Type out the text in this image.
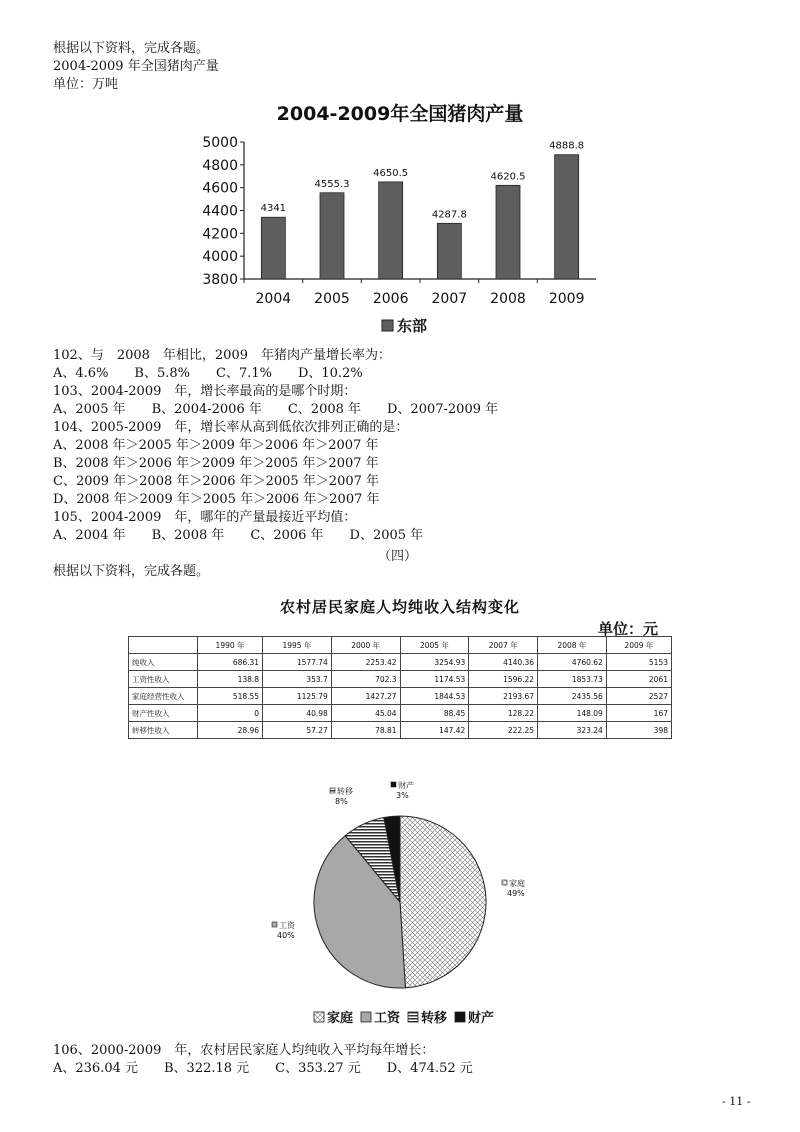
根据以下资料，完成各题。
2004-2009 年全国猪肉产量
单位：万吨
2004-2009年全国猪肉产量
5000
4800
4600
4400
4200
4000
3800
4341
4555.3
4650.5
4287.8
4620.5
4888.8
2004 2005 2006 2007 2008 2009
东部
102、与　2008　年相比，2009　年猪肉产量增长率为：
A、4.6%　　B、5.8%　　C、7.1%　　D、10.2%
103、2004-2009　年，增长率最高的是哪个时期：
A、2005 年　　B、2004-2006 年　　C、2008 年　　D、2007-2009 年
104、2005-2009　年，增长率从高到低依次排列正确的是：
A、2008 年＞2005 年＞2009 年＞2006 年＞2007 年
B、2008 年＞2006 年＞2009 年＞2005 年＞2007 年
C、2009 年＞2008 年＞2006 年＞2005 年＞2007 年
D、2008 年＞2009 年＞2005 年＞2006 年＞2007 年
105、2004-2009　年，哪年的产量最接近平均值：
A、2004 年　　B、2008 年　　C、2006 年　　D、2005 年
（四）
根据以下资料，完成各题。
农村居民家庭人均纯收入结构变化
单位：元
	1990 年	1995 年	2000 年	2005 年	2007 年	2008 年	2009 年
纯收入	686.31	1577.74	2253.42	3254.93	4140.36	4760.62	5153
工资性收入	138.8	353.7	702.3	1174.53	1596.22	1853.73	2061
家庭经营性收入	518.55	1125.79	1427.27	1844.53	2193.67	2435.56	2527
财产性收入	0	40.98	45.04	88.45	128.22	148.09	167
转移性收入	28.96	57.27	78.81	147.42	222.25	323.24	398
家庭
49%
工资
40%
转移
8%
财产
3%
家庭 工资 转移 财产
106、2000-2009　年，农村居民家庭人均纯收入平均每年增长：
A、236.04 元　　B、322.18 元　　C、353.27 元　　D、474.52 元
- 11 -
